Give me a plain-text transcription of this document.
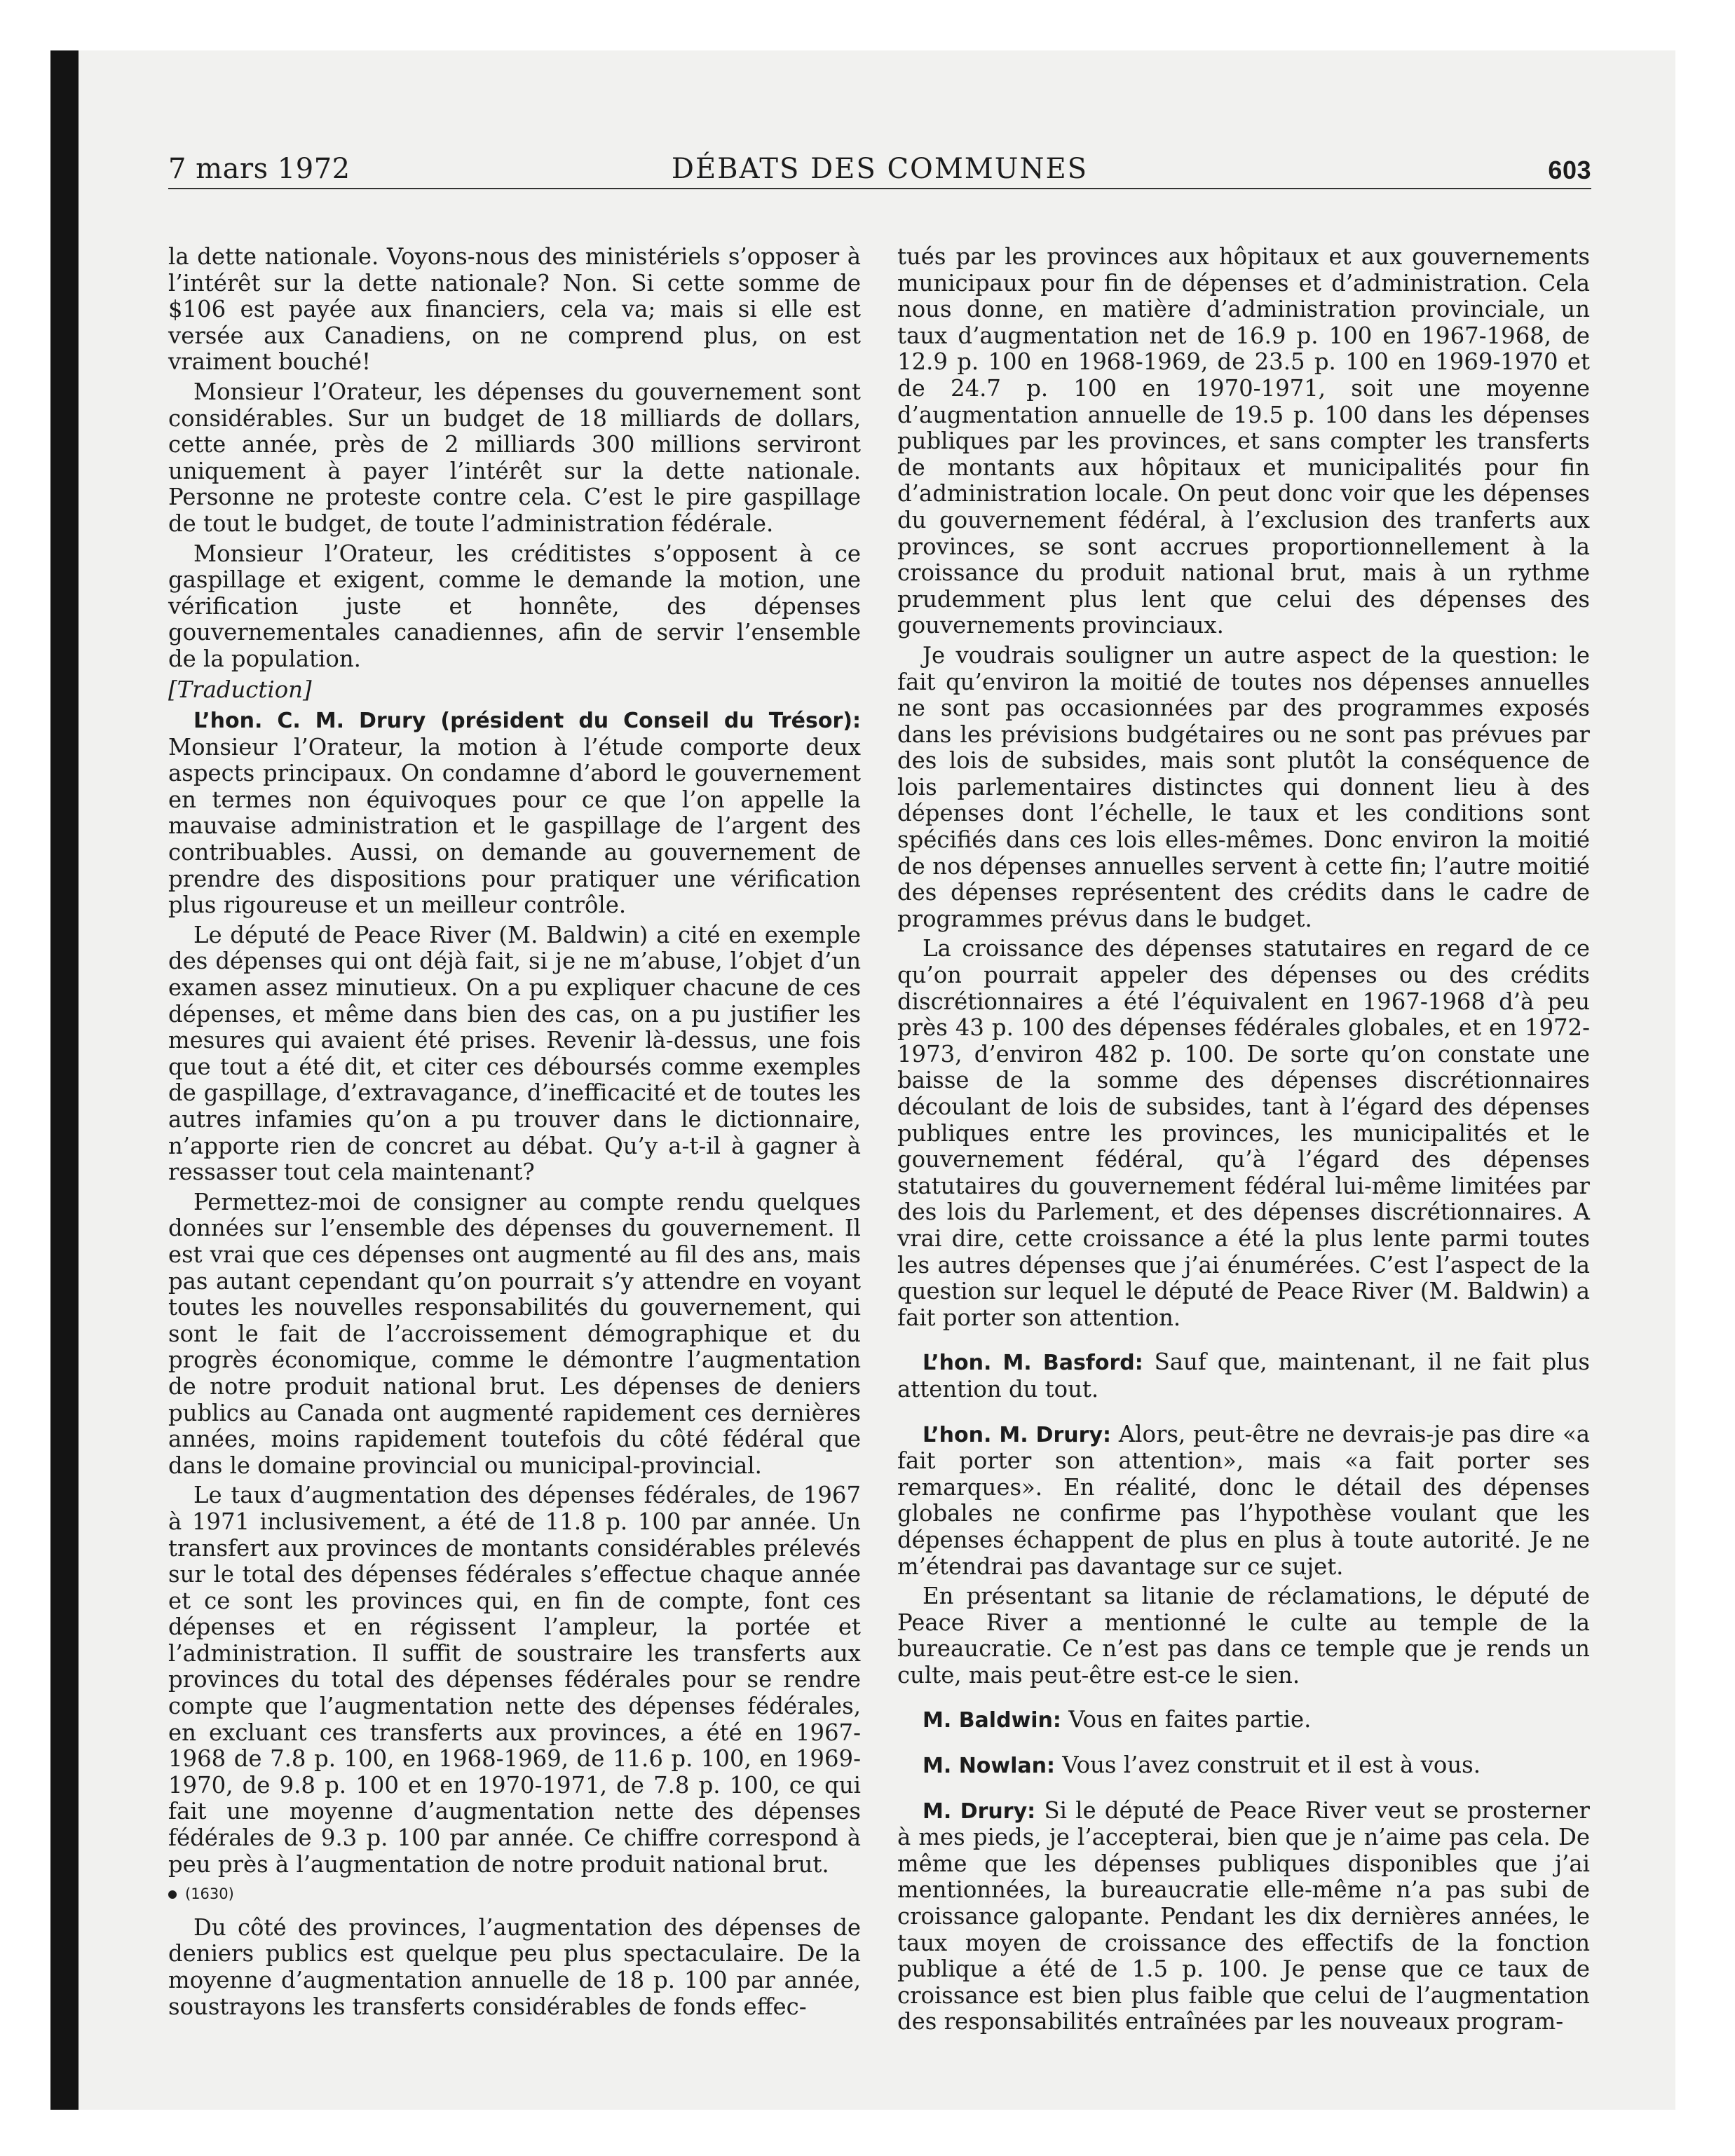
7 mars 1972	DÉBATS DES COMMUNES	603

la dette nationale. Voyons-nous des ministériels s’opposer à l’intérêt sur la dette nationale? Non. Si cette somme de $106 est payée aux financiers, cela va; mais si elle est versée aux Canadiens, on ne comprend plus, on est vraiment bouché!

Monsieur l’Orateur, les dépenses du gouvernement sont considérables. Sur un budget de 18 milliards de dollars, cette année, près de 2 milliards 300 millions serviront uniquement à payer l’intérêt sur la dette nationale. Personne ne proteste contre cela. C’est le pire gaspillage de tout le budget, de toute l’administration fédérale.

Monsieur l’Orateur, les créditistes s’opposent à ce gaspillage et exigent, comme le demande la motion, une vérification juste et honnête, des dépenses gouvernementales canadiennes, afin de servir l’ensemble de la population.

[Traduction]

L’hon. C. M. Drury (président du Conseil du Trésor): Monsieur l’Orateur, la motion à l’étude comporte deux aspects principaux. On condamne d’abord le gouvernement en termes non équivoques pour ce que l’on appelle la mauvaise administration et le gaspillage de l’argent des contribuables. Aussi, on demande au gouvernement de prendre des dispositions pour pratiquer une vérification plus rigoureuse et un meilleur contrôle.

Le député de Peace River (M. Baldwin) a cité en exemple des dépenses qui ont déjà fait, si je ne m’abuse, l’objet d’un examen assez minutieux. On a pu expliquer chacune de ces dépenses, et même dans bien des cas, on a pu justifier les mesures qui avaient été prises. Revenir là-dessus, une fois que tout a été dit, et citer ces déboursés comme exemples de gaspillage, d’extravagance, d’inefficacité et de toutes les autres infamies qu’on a pu trouver dans le dictionnaire, n’apporte rien de concret au débat. Qu’y a-t-il à gagner à ressasser tout cela maintenant?

Permettez-moi de consigner au compte rendu quelques données sur l’ensemble des dépenses du gouvernement. Il est vrai que ces dépenses ont augmenté au fil des ans, mais pas autant cependant qu’on pourrait s’y attendre en voyant toutes les nouvelles responsabilités du gouvernement, qui sont le fait de l’accroissement démographique et du progrès économique, comme le démontre l’augmentation de notre produit national brut. Les dépenses de deniers publics au Canada ont augmenté rapidement ces dernières années, moins rapidement toutefois du côté fédéral que dans le domaine provincial ou municipal-provincial.

Le taux d’augmentation des dépenses fédérales, de 1967 à 1971 inclusivement, a été de 11.8 p. 100 par année. Un transfert aux provinces de montants considérables prélevés sur le total des dépenses fédérales s’effectue chaque année et ce sont les provinces qui, en fin de compte, font ces dépenses et en régissent l’ampleur, la portée et l’administration. Il suffit de soustraire les transferts aux provinces du total des dépenses fédérales pour se rendre compte que l’augmentation nette des dépenses fédérales, en excluant ces transferts aux provinces, a été en 1967-1968 de 7.8 p. 100, en 1968-1969, de 11.6 p. 100, en 1969-1970, de 9.8 p. 100 et en 1970-1971, de 7.8 p. 100, ce qui fait une moyenne d’augmentation nette des dépenses fédérales de 9.3 p. 100 par année. Ce chiffre correspond à peu près à l’augmentation de notre produit national brut.

(1630)

Du côté des provinces, l’augmentation des dépenses de deniers publics est quelque peu plus spectaculaire. De la moyenne d’augmentation annuelle de 18 p. 100 par année, soustrayons les transferts considérables de fonds effec-

tués par les provinces aux hôpitaux et aux gouvernements municipaux pour fin de dépenses et d’administration. Cela nous donne, en matière d’administration provinciale, un taux d’augmentation net de 16.9 p. 100 en 1967-1968, de 12.9 p. 100 en 1968-1969, de 23.5 p. 100 en 1969-1970 et de 24.7 p. 100 en 1970-1971, soit une moyenne d’augmentation annuelle de 19.5 p. 100 dans les dépenses publiques par les provinces, et sans compter les transferts de montants aux hôpitaux et municipalités pour fin d’administration locale. On peut donc voir que les dépenses du gouvernement fédéral, à l’exclusion des tranferts aux provinces, se sont accrues proportionnellement à la croissance du produit national brut, mais à un rythme prudemment plus lent que celui des dépenses des gouvernements provinciaux.

Je voudrais souligner un autre aspect de la question: le fait qu’environ la moitié de toutes nos dépenses annuelles ne sont pas occasionnées par des programmes exposés dans les prévisions budgétaires ou ne sont pas prévues par des lois de subsides, mais sont plutôt la conséquence de lois parlementaires distinctes qui donnent lieu à des dépenses dont l’échelle, le taux et les conditions sont spécifiés dans ces lois elles-mêmes. Donc environ la moitié de nos dépenses annuelles servent à cette fin; l’autre moitié des dépenses représentent des crédits dans le cadre de programmes prévus dans le budget.

La croissance des dépenses statutaires en regard de ce qu’on pourrait appeler des dépenses ou des crédits discrétionnaires a été l’équivalent en 1967-1968 d’à peu près 43 p. 100 des dépenses fédérales globales, et en 1972-1973, d’environ 482 p. 100. De sorte qu’on constate une baisse de la somme des dépenses discrétionnaires découlant de lois de subsides, tant à l’égard des dépenses publiques entre les provinces, les municipalités et le gouvernement fédéral, qu’à l’égard des dépenses statutaires du gouvernement fédéral lui-même limitées par des lois du Parlement, et des dépenses discrétionnaires. A vrai dire, cette croissance a été la plus lente parmi toutes les autres dépenses que j’ai énumérées. C’est l’aspect de la question sur lequel le député de Peace River (M. Baldwin) a fait porter son attention.

L’hon. M. Basford: Sauf que, maintenant, il ne fait plus attention du tout.

L’hon. M. Drury: Alors, peut-être ne devrais-je pas dire «a fait porter son attention», mais «a fait porter ses remarques». En réalité, donc le détail des dépenses globales ne confirme pas l’hypothèse voulant que les dépenses échappent de plus en plus à toute autorité. Je ne m’étendrai pas davantage sur ce sujet.

En présentant sa litanie de réclamations, le député de Peace River a mentionné le culte au temple de la bureaucratie. Ce n’est pas dans ce temple que je rends un culte, mais peut-être est-ce le sien.

M. Baldwin: Vous en faites partie.

M. Nowlan: Vous l’avez construit et il est à vous.

M. Drury: Si le député de Peace River veut se prosterner à mes pieds, je l’accepterai, bien que je n’aime pas cela. De même que les dépenses publiques disponibles que j’ai mentionnées, la bureaucratie elle-même n’a pas subi de croissance galopante. Pendant les dix dernières années, le taux moyen de croissance des effectifs de la fonction publique a été de 1.5 p. 100. Je pense que ce taux de croissance est bien plus faible que celui de l’augmentation des responsabilités entraînées par les nouveaux program-
